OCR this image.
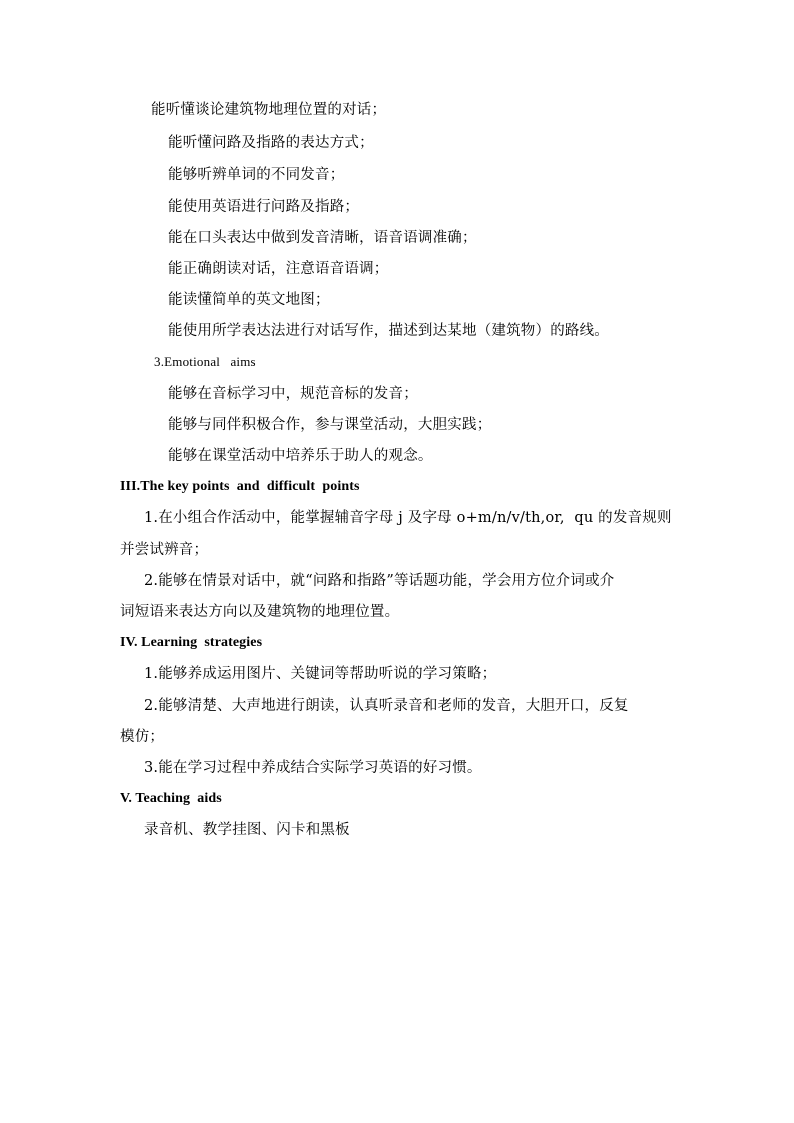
能听懂谈论建筑物地理位置的对话；
能听懂问路及指路的表达方式；
能够听辨单词的不同发音；
能使用英语进行问路及指路；
能在口头表达中做到发音清晰，语音语调准确；
能正确朗读对话，注意语音语调；
能读懂简单的英文地图；
能使用所学表达法进行对话写作，描述到达某地（建筑物）的路线。
3.Emotional   aims
能够在音标学习中，规范音标的发音；
能够与同伴积极合作，参与课堂活动，大胆实践；
能够在课堂活动中培养乐于助人的观念。
III.The key points  and  difficult  points
1.在小组合作活动中，能掌握辅音字母 j 及字母 o+m/n/v/th,or,  qu 的发音规则
并尝试辨音；
2.能够在情景对话中，就“问路和指路”等话题功能，学会用方位介词或介
词短语来表达方向以及建筑物的地理位置。
IV. Learning  strategies
1.能够养成运用图片、关键词等帮助听说的学习策略；
2.能够清楚、大声地进行朗读，认真听录音和老师的发音，大胆开口，反复
模仿；
3.能在学习过程中养成结合实际学习英语的好习惯。
V. Teaching  aids
录音机、教学挂图、闪卡和黑板
